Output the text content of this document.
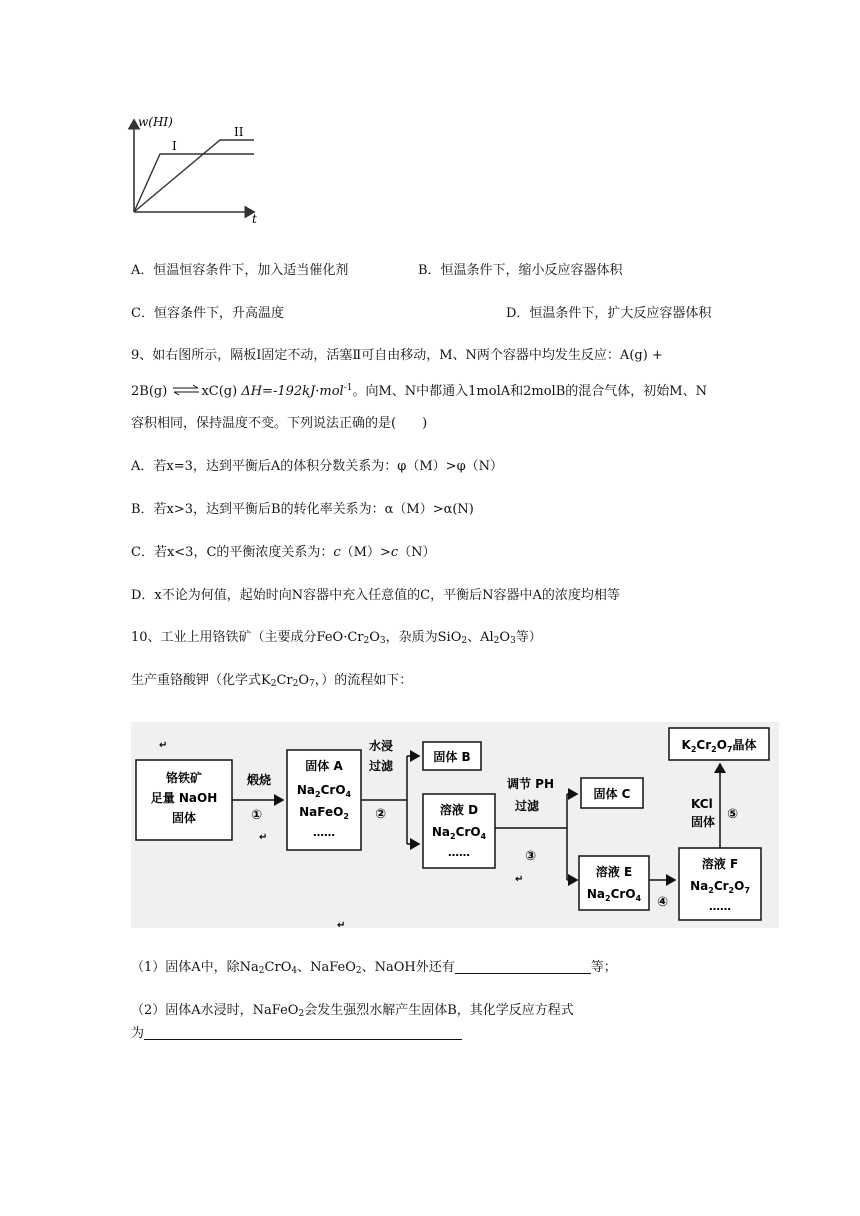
w(HI)
t
I
II
A．恒温恒容条件下，加入适当催化剂	B．恒温条件下，缩小反应容器体积
C．恒容条件下，升高温度	D．恒温条件下，扩大反应容器体积
9、如右图所示，隔板Ⅰ固定不动，活塞Ⅱ可自由移动，M、N两个容器中均发生反应：A(g) +
2B(g) ⇌xC(g) ΔH=-192kJ·mol$^{-1}$。向M、N中都通入1molA和2molB的混合气体，初始M、N
容积相同，保持温度不变。下列说法正确的是(　　)
A．若x=3，达到平衡后A的体积分数关系为：φ（M）>φ（N）
B．若x>3，达到平衡后B的转化率关系为：α（M）>α(N)
C．若x<3，C的平衡浓度关系为：c（M）>c（N）
D．x不论为何值，起始时向N容器中充入任意值的C，平衡后N容器中A的浓度均相等
10、工业上用铬铁矿（主要成分$FeO\cdot Cr_2O_3$，杂质为SiO$_2$、$Al_2O_3$等）
生产重铬酸钾（化学式$K_2Cr_2O_7$，）的流程如下：
↵
↵
↵
↵
铬铁矿
足量 NaOH
固体
煅烧
①
固体 A
$Na_2CrO_4$
NaFeO$_2$
……
水浸
过滤
②
固体 B
溶液 D
$Na_2CrO_4$
……
调节 PH
过滤
③
固体 C
溶液 E
$Na_2CrO_4$ ④
溶液 F
$Na_2Cr_2O_7$
……
KCl
固体 ⑤
$K_2Cr_2O_7$晶体
（1）固体A中，除$Na_2CrO_4$、NaFeO$_2$、NaOH外还有	等；
（2）固体A水浸时，NaFeO$_2$会发生强烈水解产生固体B，其化学反应方程式
为
